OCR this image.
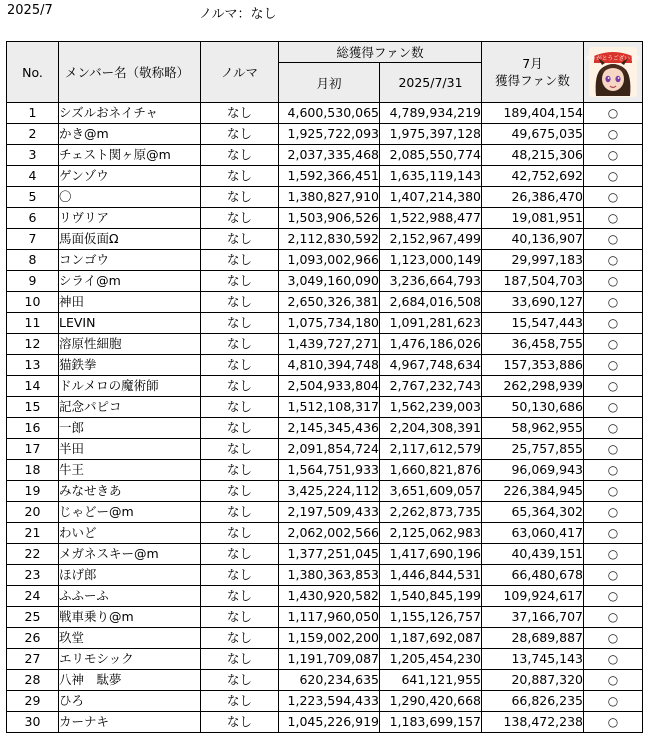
2025/7	ノルマ：なし
No.	メンバー名（敬称略）	ノルマ	総獲得ファン数		7月
獲得ファン数	ありがとうございます

			月初	2025/7/31		
1	シズルおネイチャ	なし	4,600,530,065	4,789,934,219	189,404,154	○
2	かき@m	なし	1,925,722,093	1,975,397,128	49,675,035	○
3	チェスト関ヶ原@m	なし	2,037,335,468	2,085,550,774	48,215,306	○
4	ゲンゾウ	なし	1,592,366,451	1,635,119,143	42,752,692	○
5	〇	なし	1,380,827,910	1,407,214,380	26,386,470	○
6	リヴリア	なし	1,503,906,526	1,522,988,477	19,081,951	○
7	馬面仮面Ω	なし	2,112,830,592	2,152,967,499	40,136,907	○
8	コンゴウ	なし	1,093,002,966	1,123,000,149	29,997,183	○
9	シライ@m	なし	3,049,160,090	3,236,664,793	187,504,703	○
10	神田	なし	2,650,326,381	2,684,016,508	33,690,127	○
11	LEVIN	なし	1,075,734,180	1,091,281,623	15,547,443	○
12	溶原性細胞	なし	1,439,727,271	1,476,186,026	36,458,755	○
13	猫鉄拳	なし	4,810,394,748	4,967,748,634	157,353,886	○
14	ドルメロの魔術師	なし	2,504,933,804	2,767,232,743	262,298,939	○
15	記念パピコ	なし	1,512,108,317	1,562,239,003	50,130,686	○
16	一郎	なし	2,145,345,436	2,204,308,391	58,962,955	○
17	半田	なし	2,091,854,724	2,117,612,579	25,757,855	○
18	牛王	なし	1,564,751,933	1,660,821,876	96,069,943	○
19	みなせきあ	なし	3,425,224,112	3,651,609,057	226,384,945	○
20	じゃどー@m	なし	2,197,509,433	2,262,873,735	65,364,302	○
21	わいど	なし	2,062,002,566	2,125,062,983	63,060,417	○
22	メガネスキー@m	なし	1,377,251,045	1,417,690,196	40,439,151	○
23	ほげ郎	なし	1,380,363,853	1,446,844,531	66,480,678	○
24	ふふーふ	なし	1,430,920,582	1,540,845,199	109,924,617	○
25	戦車乗り@m	なし	1,117,960,050	1,155,126,757	37,166,707	○
26	玖堂	なし	1,159,002,200	1,187,692,087	28,689,887	○
27	エリモシック	なし	1,191,709,087	1,205,454,230	13,745,143	○
28	八神　駄夢	なし	620,234,635	641,121,955	20,887,320	○
29	ひろ	なし	1,223,594,433	1,290,420,668	66,826,235	○
30	カーナキ	なし	1,045,226,919	1,183,699,157	138,472,238	○
